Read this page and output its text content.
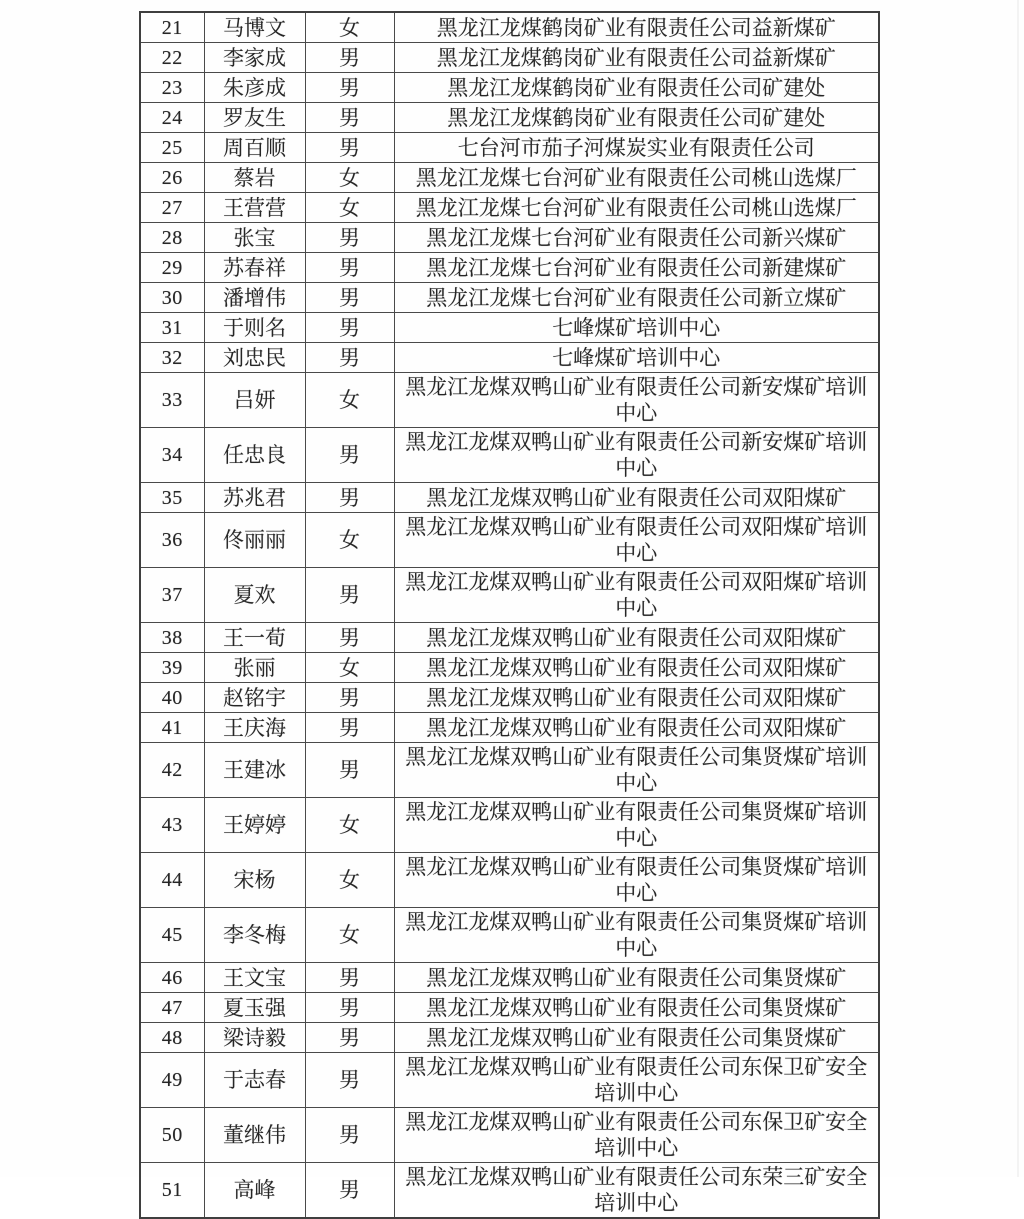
21	马博文	女	黑龙江龙煤鹤岗矿业有限责任公司益新煤矿
22	李家成	男	黑龙江龙煤鹤岗矿业有限责任公司益新煤矿
23	朱彦成	男	黑龙江龙煤鹤岗矿业有限责任公司矿建处
24	罗友生	男	黑龙江龙煤鹤岗矿业有限责任公司矿建处
25	周百顺	男	七台河市茄子河煤炭实业有限责任公司
26	蔡岩	女	黑龙江龙煤七台河矿业有限责任公司桃山选煤厂
27	王营营	女	黑龙江龙煤七台河矿业有限责任公司桃山选煤厂
28	张宝	男	黑龙江龙煤七台河矿业有限责任公司新兴煤矿
29	苏春祥	男	黑龙江龙煤七台河矿业有限责任公司新建煤矿
30	潘增伟	男	黑龙江龙煤七台河矿业有限责任公司新立煤矿
31	于则名	男	七峰煤矿培训中心
32	刘忠民	男	七峰煤矿培训中心
33	吕妍	女	黑龙江龙煤双鸭山矿业有限责任公司新安煤矿培训中心
34	任忠良	男	黑龙江龙煤双鸭山矿业有限责任公司新安煤矿培训中心
35	苏兆君	男	黑龙江龙煤双鸭山矿业有限责任公司双阳煤矿
36	佟丽丽	女	黑龙江龙煤双鸭山矿业有限责任公司双阳煤矿培训中心
37	夏欢	男	黑龙江龙煤双鸭山矿业有限责任公司双阳煤矿培训中心
38	王一荀	男	黑龙江龙煤双鸭山矿业有限责任公司双阳煤矿
39	张丽	女	黑龙江龙煤双鸭山矿业有限责任公司双阳煤矿
40	赵铭宇	男	黑龙江龙煤双鸭山矿业有限责任公司双阳煤矿
41	王庆海	男	黑龙江龙煤双鸭山矿业有限责任公司双阳煤矿
42	王建冰	男	黑龙江龙煤双鸭山矿业有限责任公司集贤煤矿培训中心
43	王婷婷	女	黑龙江龙煤双鸭山矿业有限责任公司集贤煤矿培训中心
44	宋杨	女	黑龙江龙煤双鸭山矿业有限责任公司集贤煤矿培训中心
45	李冬梅	女	黑龙江龙煤双鸭山矿业有限责任公司集贤煤矿培训中心
46	王文宝	男	黑龙江龙煤双鸭山矿业有限责任公司集贤煤矿
47	夏玉强	男	黑龙江龙煤双鸭山矿业有限责任公司集贤煤矿
48	梁诗毅	男	黑龙江龙煤双鸭山矿业有限责任公司集贤煤矿
49	于志春	男	黑龙江龙煤双鸭山矿业有限责任公司东保卫矿安全培训中心
50	董继伟	男	黑龙江龙煤双鸭山矿业有限责任公司东保卫矿安全培训中心
51	高峰	男	黑龙江龙煤双鸭山矿业有限责任公司东荣三矿安全培训中心
